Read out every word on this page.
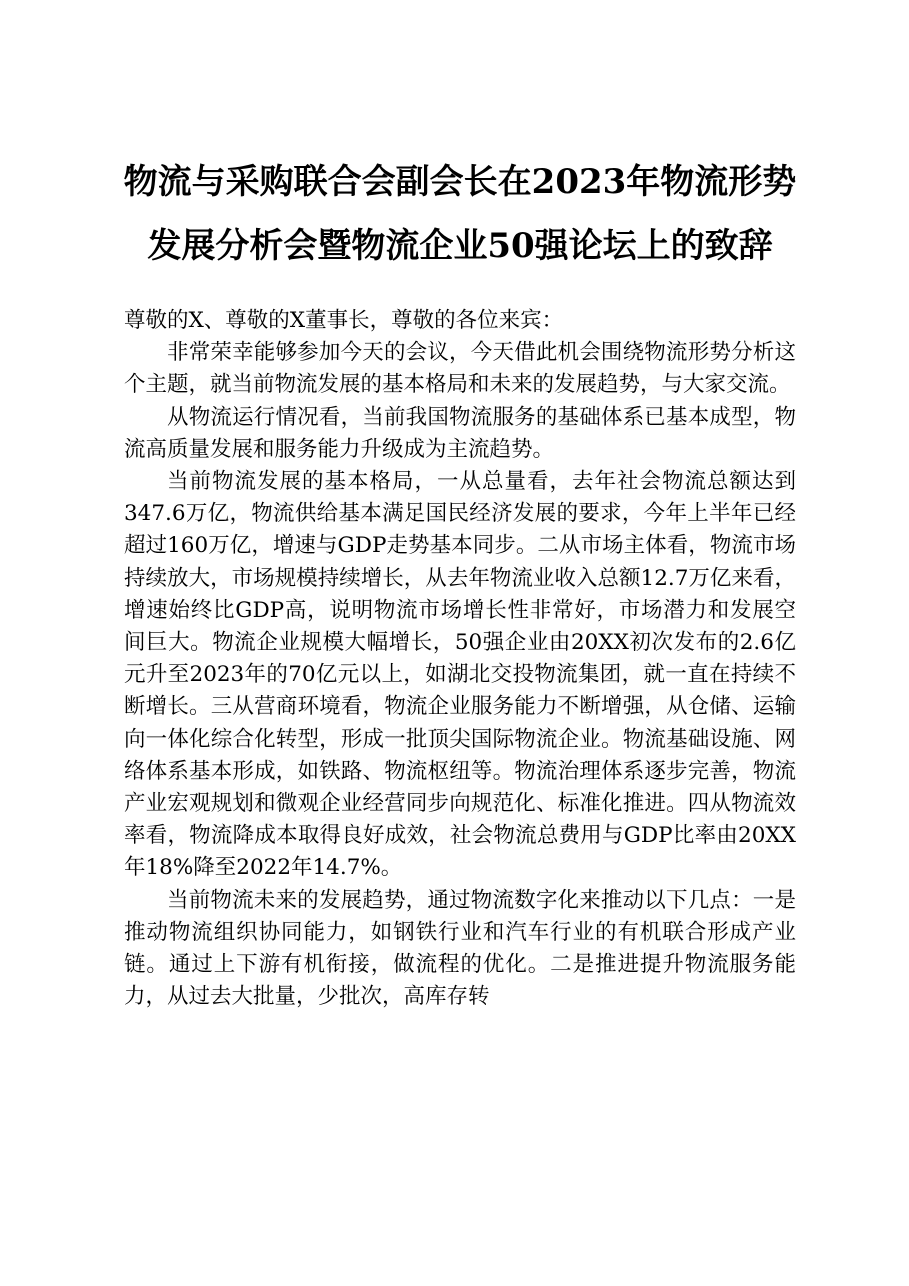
物流与采购联合会副会长在2023年物流形势
发展分析会暨物流企业50强论坛上的致辞

尊敬的X、尊敬的X董事长，尊敬的各位来宾：

非常荣幸能够参加今天的会议，今天借此机会围绕物流形势分析这个主题，就当前物流发展的基本格局和未来的发展趋势，与大家交流。

从物流运行情况看，当前我国物流服务的基础体系已基本成型，物流高质量发展和服务能力升级成为主流趋势。

当前物流发展的基本格局，一从总量看，去年社会物流总额达到347.6万亿，物流供给基本满足国民经济发展的要求，今年上半年已经超过160万亿，增速与GDP走势基本同步。二从市场主体看，物流市场持续放大，市场规模持续增长，从去年物流业收入总额12.7万亿来看，增速始终比GDP高，说明物流市场增长性非常好，市场潜力和发展空间巨大。物流企业规模大幅增长，50强企业由20XX初次发布的2.6亿元升至2023年的70亿元以上，如湖北交投物流集团，就一直在持续不断增长。三从营商环境看，物流企业服务能力不断增强，从仓储、运输向一体化综合化转型，形成一批顶尖国际物流企业。物流基础设施、网络体系基本形成，如铁路、物流枢纽等。物流治理体系逐步完善，物流产业宏观规划和微观企业经营同步向规范化、标准化推进。四从物流效率看，物流降成本取得良好成效，社会物流总费用与GDP比率由20XX年18%降至2022年14.7%。

当前物流未来的发展趋势，通过物流数字化来推动以下几点：一是推动物流组织协同能力，如钢铁行业和汽车行业的有机联合形成产业链。通过上下游有机衔接，做流程的优化。二是推进提升物流服务能力，从过去大批量，少批次，高库存转
